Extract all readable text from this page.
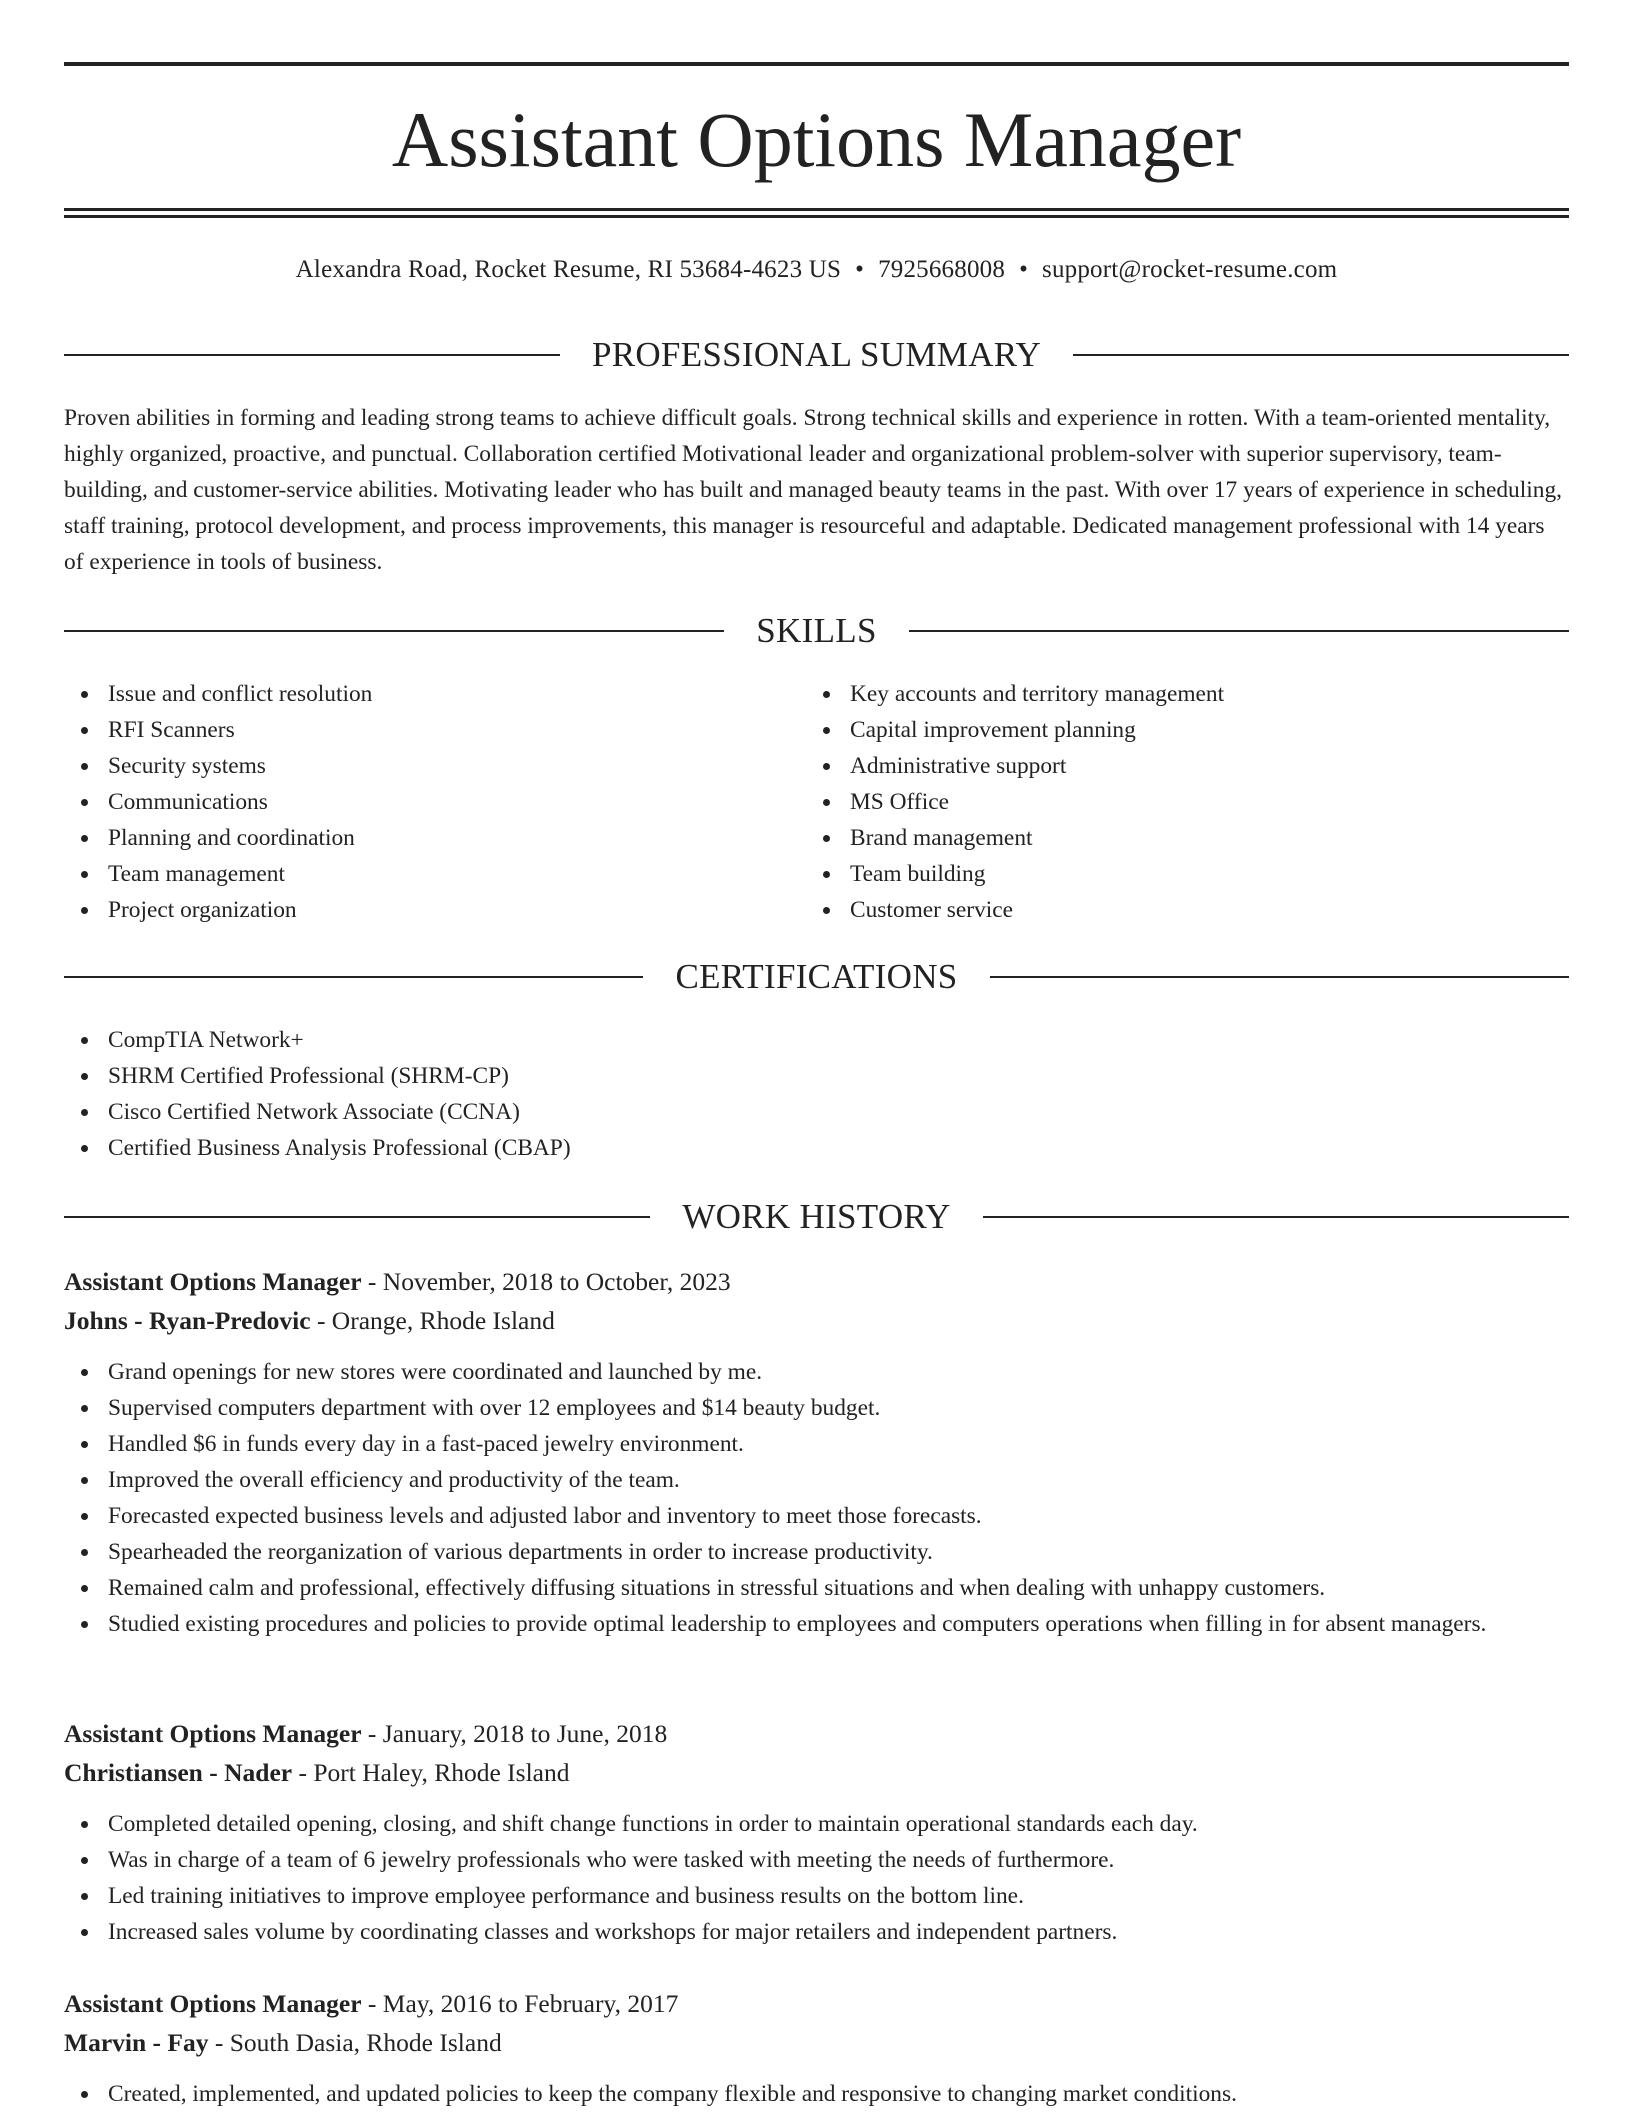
Assistant Options Manager
Alexandra Road, Rocket Resume, RI 53684-4623 US • 7925668008 • support@rocket-resume.com
PROFESSIONAL SUMMARY

Proven abilities in forming and leading strong teams to achieve difficult goals. Strong technical skills and experience in rotten. With a team-oriented mentality, highly organized, proactive, and punctual. Collaboration certified Motivational leader and organizational problem-solver with superior supervisory, team-building, and customer-service abilities. Motivating leader who has built and managed beauty teams in the past. With over 17 years of experience in scheduling, staff training, protocol development, and process improvements, this manager is resourceful and adaptable. Dedicated management professional with 14 years of experience in tools of business.

SKILLS
Issue and conflict resolution
RFI Scanners
Security systems
Communications
Planning and coordination
Team management
Project organization
Key accounts and territory management
Capital improvement planning
Administrative support
MS Office
Brand management
Team building
Customer service
CERTIFICATIONS
CompTIA Network+
SHRM Certified Professional (SHRM-CP)
Cisco Certified Network Associate (CCNA)
Certified Business Analysis Professional (CBAP)
WORK HISTORY
Assistant Options Manager - November, 2018 to October, 2023
Johns - Ryan-Predovic - Orange, Rhode Island
Grand openings for new stores were coordinated and launched by me.
Supervised computers department with over 12 employees and $14 beauty budget.
Handled $6 in funds every day in a fast-paced jewelry environment.
Improved the overall efficiency and productivity of the team.
Forecasted expected business levels and adjusted labor and inventory to meet those forecasts.
Spearheaded the reorganization of various departments in order to increase productivity.
Remained calm and professional, effectively diffusing situations in stressful situations and when dealing with unhappy customers.
Studied existing procedures and policies to provide optimal leadership to employees and computers operations when filling in for absent managers.
Assistant Options Manager - January, 2018 to June, 2018
Christiansen - Nader - Port Haley, Rhode Island
Completed detailed opening, closing, and shift change functions in order to maintain operational standards each day.
Was in charge of a team of 6 jewelry professionals who were tasked with meeting the needs of furthermore.
Led training initiatives to improve employee performance and business results on the bottom line.
Increased sales volume by coordinating classes and workshops for major retailers and independent partners.
Assistant Options Manager - May, 2016 to February, 2017
Marvin - Fay - South Dasia, Rhode Island
Created, implemented, and updated policies to keep the company flexible and responsive to changing market conditions.
